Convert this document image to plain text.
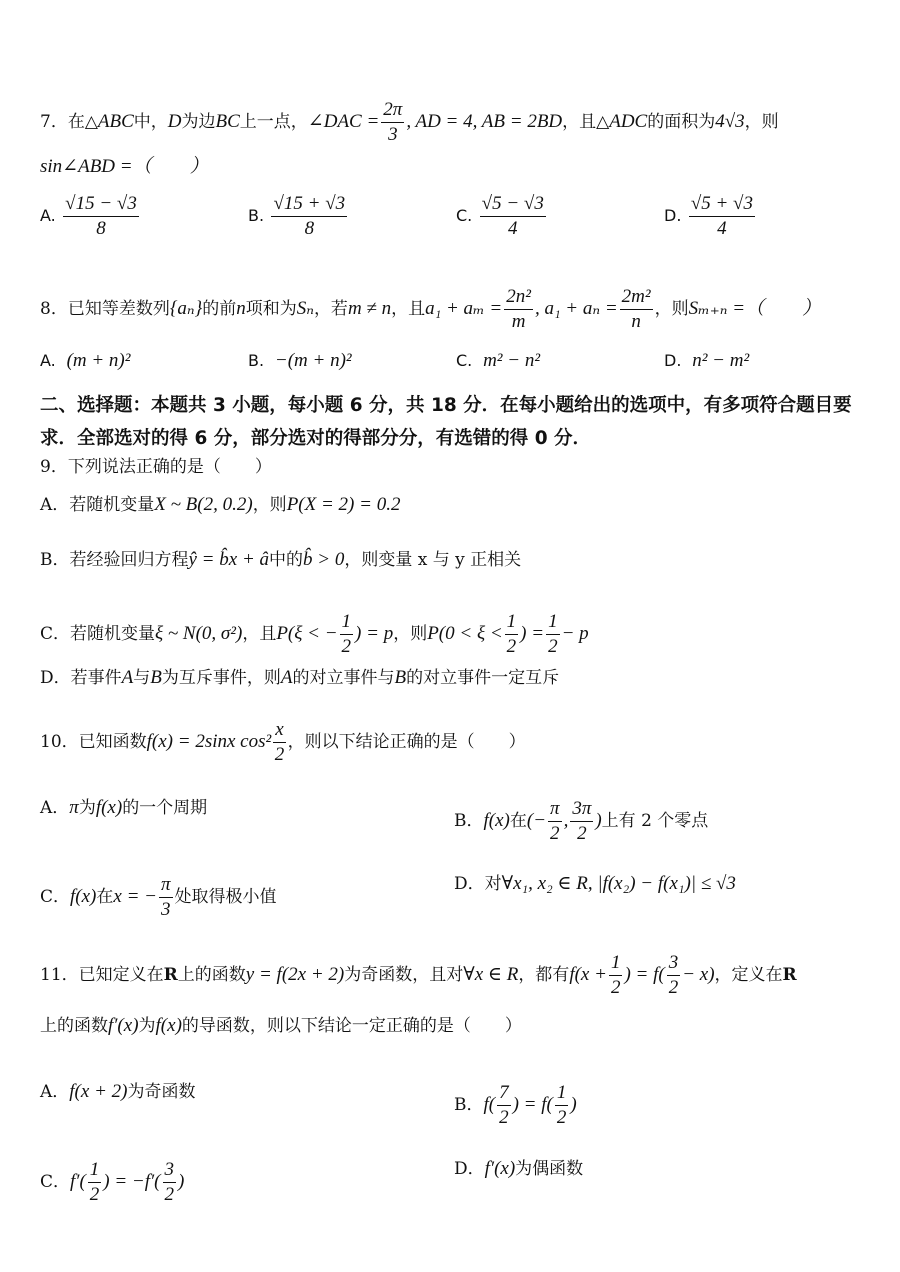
7．在△ABC中，D为边BC上一点，∠DAC = $\frac{2\pi}{3}$ , AD = 4, AB = 2BD，且△ADC的面积为4√3，则
sin∠ABD =（　　）
A. $\frac{√15 - √3}{8}$	B. $\frac{√15 + √3}{8}$	C. $\frac{√5 - √3}{4}$	D. $\frac{√5 + √3}{4}$
8．已知等差数列{aₙ}的前n项和为Sₙ，若m ≠ n，且$a_1 + a_m = \frac{\text{2n²}}{m}$ , $a_1 + a_n = \frac{\text{2m²}}{n}$ ，则Sₘ₊ₙ =（　　）
A. (m + n)²	B. −(m + n)²	C. m² − n²	D. n² − m²
二、选择题：本题共 3 小题，每小题 6 分，共 18 分．在每小题给出的选项中，有多项符合题目要求．全部选对的得 6 分，部分选对的得部分分，有选错的得 0 分．
9．下列说法正确的是（　　）
A．若随机变量X ~ B(2, 0.2)，则P(X = 2) = 0.2
B．若经验回归方程ŷ = b̂x + â中的b̂ > 0，则变量 x 与 y 正相关
C．若随机变量ξ ~ N(0, σ²)，且P(ξ < − $\frac{1}{2}$ ) = p，则$P(0 < \xi < \frac{1}{2}$ ) = $\frac{1}{2} - p$
D．若事件A与B为互斥事件，则A的对立事件与B的对立事件一定互斥
10．已知函数f(x) = 2sinx $\cos^2 \frac{x}{2}$ ，则以下结论正确的是（　　）
A．π为f(x)的一个周期
B．f(x)在(− $\frac{\pi}{2}$ , $\frac{3\pi}{2}$ )上有 2 个零点
C．f(x)在x = − $\frac{\pi}{3}$ 处取得极小值
D．对∀x₁, x₂ ∈ R, |f(x₂) − f(x₁)| ≤ √3
11．已知定义在R上的函数y = f(2x + 2)为奇函数，且对∀x ∈ R，都有$f(x + \frac{1}{2}$ ) = $f( \frac{3}{2} - x)$，定义在R
上的函数f′(x)为f(x)的导函数，则以下结论一定正确的是（　　）
A．f(x + 2)为奇函数
B．$f( \frac{7}{2}$ ) = $f( \frac{1}{2}$ )
C．$f'( \frac{1}{2}$ ) = $-f'( \frac{3}{2}$ )
D．f′(x)为偶函数
